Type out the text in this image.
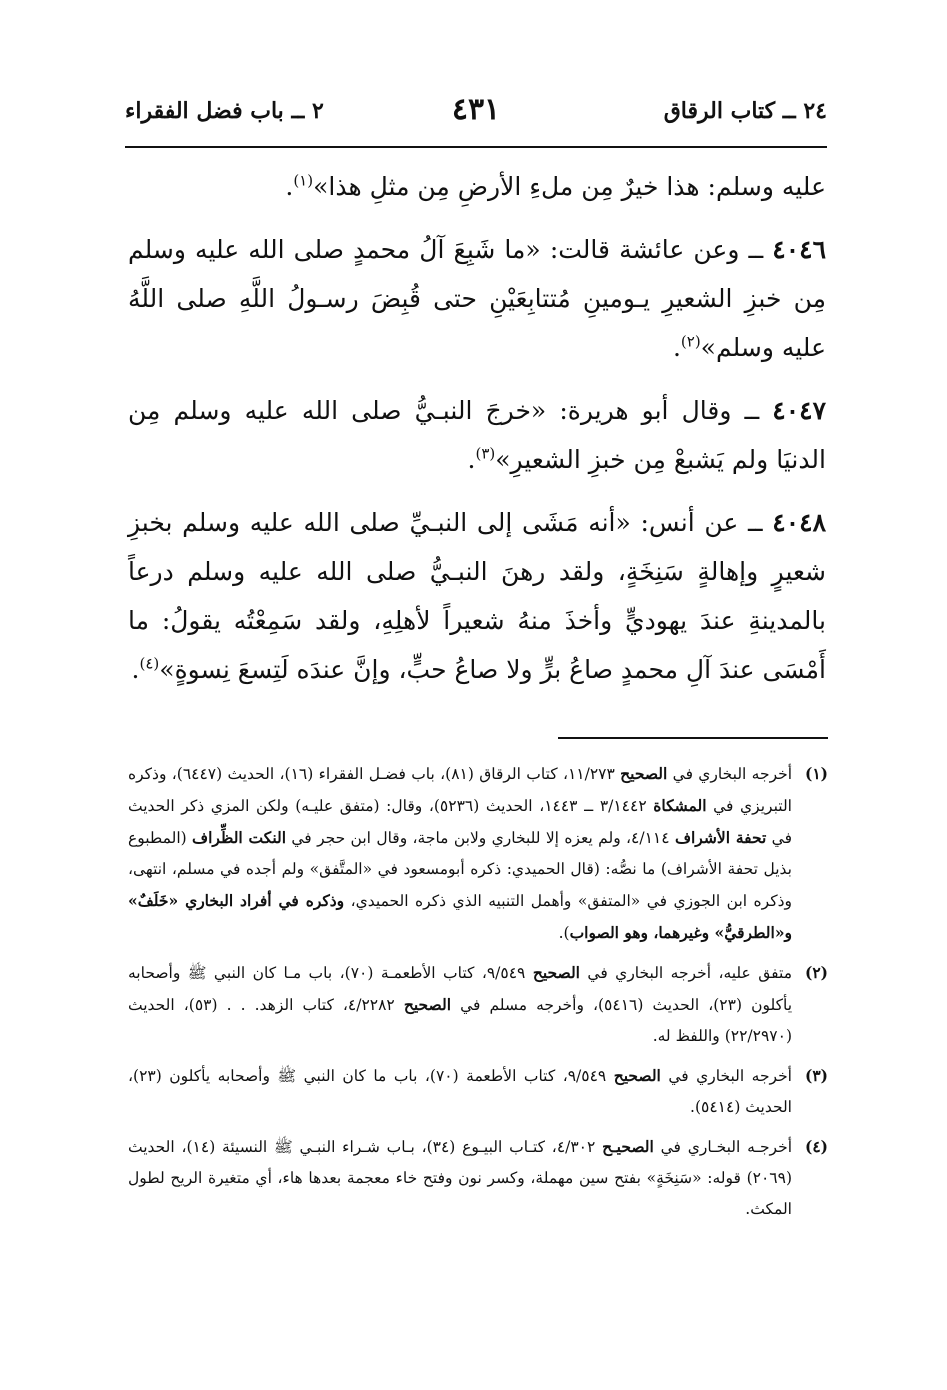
٢٤ ــ كتاب الرقاق
٤٣١
٢ ــ باب فضل الفقراء

عليه وسلم: هذا خيرٌ مِن ملءِ الأرضِ مِن مثلِ هذا»$^{(١)}$.

٤٠٤٦ ــ وعن عائشة قالت: «ما شَبِعَ آلُ محمدٍ صلى الله عليه وسلم مِن خبزِ الشعيرِ يـومينِ مُتتابِعَيْنِ حتى قُبِضَ رسـولُ اللَّهِ صلى اللَّهُ عليه وسلم»$^{(٢)}$.

٤٠٤٧ ــ وقال أبو هريرة: «خرجَ النبـيُّ صلى الله عليه وسلم مِن الدنيَا ولم يَشبعْ مِن خبزِ الشعيرِ»$^{(٣)}$.

٤٠٤٨ ــ عن أنس: «أنه مَشَى إلى النبـيِّ صلى الله عليه وسلم بخبزِ شعيرٍ وإهالةٍ سَنِخَةٍ، ولقد رهنَ النبـيُّ صلى الله عليه وسلم درعاً بالمدينةِ عندَ يهوديٍّ وأخذَ منهُ شعيراً لأهلِهِ، ولقد سَمِعْتُه يقولُ: ما أَمْسَى عندَ آلِ محمدٍ صاعُ برٍّ ولا صاعُ حبٍّ، وإنَّ عندَه لَتِسعَ نِسوةٍ»$^{(٤)}$.

(١)
أخرجه البخاري في الصحيح ١١/٢٧٣، كتاب الرقاق (٨١)، باب فضـل الفقراء (١٦)، الحديث (٦٤٤٧)، وذكره التبريزي في المشكاة ٣/١٤٤٢ ــ ١٤٤٣، الحديث (٥٢٣٦)، وقال: (متفق عليـه) ولكن المزي ذكر الحديث في تحفة الأشراف ٤/١١٤، ولم يعزه إلا للبخاري ولابن ماجة، وقال ابن حجر في النكت الظِّراف (المطبوع بذيل تحفة الأشراف) ما نصُّه: (قال الحميدي: ذكره أبومسعود في «المتَّفق» ولم أجده في مسلم، انتهى، وذكره ابن الجوزي في «المتفق» وأهمل التنبيه الذي ذكره الحميدي، وذكره في أفراد البخاري «خَلَفٌ» و«الطرقيُّ» وغيرهما، وهو الصواب).
(٢)
متفق عليه، أخرجه البخاري في الصحيح ٩/٥٤٩، كتاب الأطعمـة (٧٠)، باب مـا كان النبي ﷺ وأصحابه يأكلون (٢٣)، الحديث (٥٤١٦)، وأخرجه مسلم في الصحيح ٤/٢٢٨٢، كتاب الزهد. . . (٥٣)، الحديث (٢٢/٢٩٧٠) واللفظ له.
(٣)
أخرجه البخاري في الصحيح ٩/٥٤٩، كتاب الأطعمة (٧٠)، باب ما كان النبي ﷺ وأصحابه يأكلون (٢٣)، الحديث (٥٤١٤).
(٤)
أخرجـه البخـاري في الصحيـح ٤/٣٠٢، كتـاب البيـوع (٣٤)، بـاب شـراء النبـي ﷺ النسيئة (١٤)، الحديث (٢٠٦٩) قوله: «سَنِخَةٍ» بفتح سين مهملة، وكسر نون وفتح خاء معجمة بعدها هاء، أي متغيرة الريح لطول المكث.
